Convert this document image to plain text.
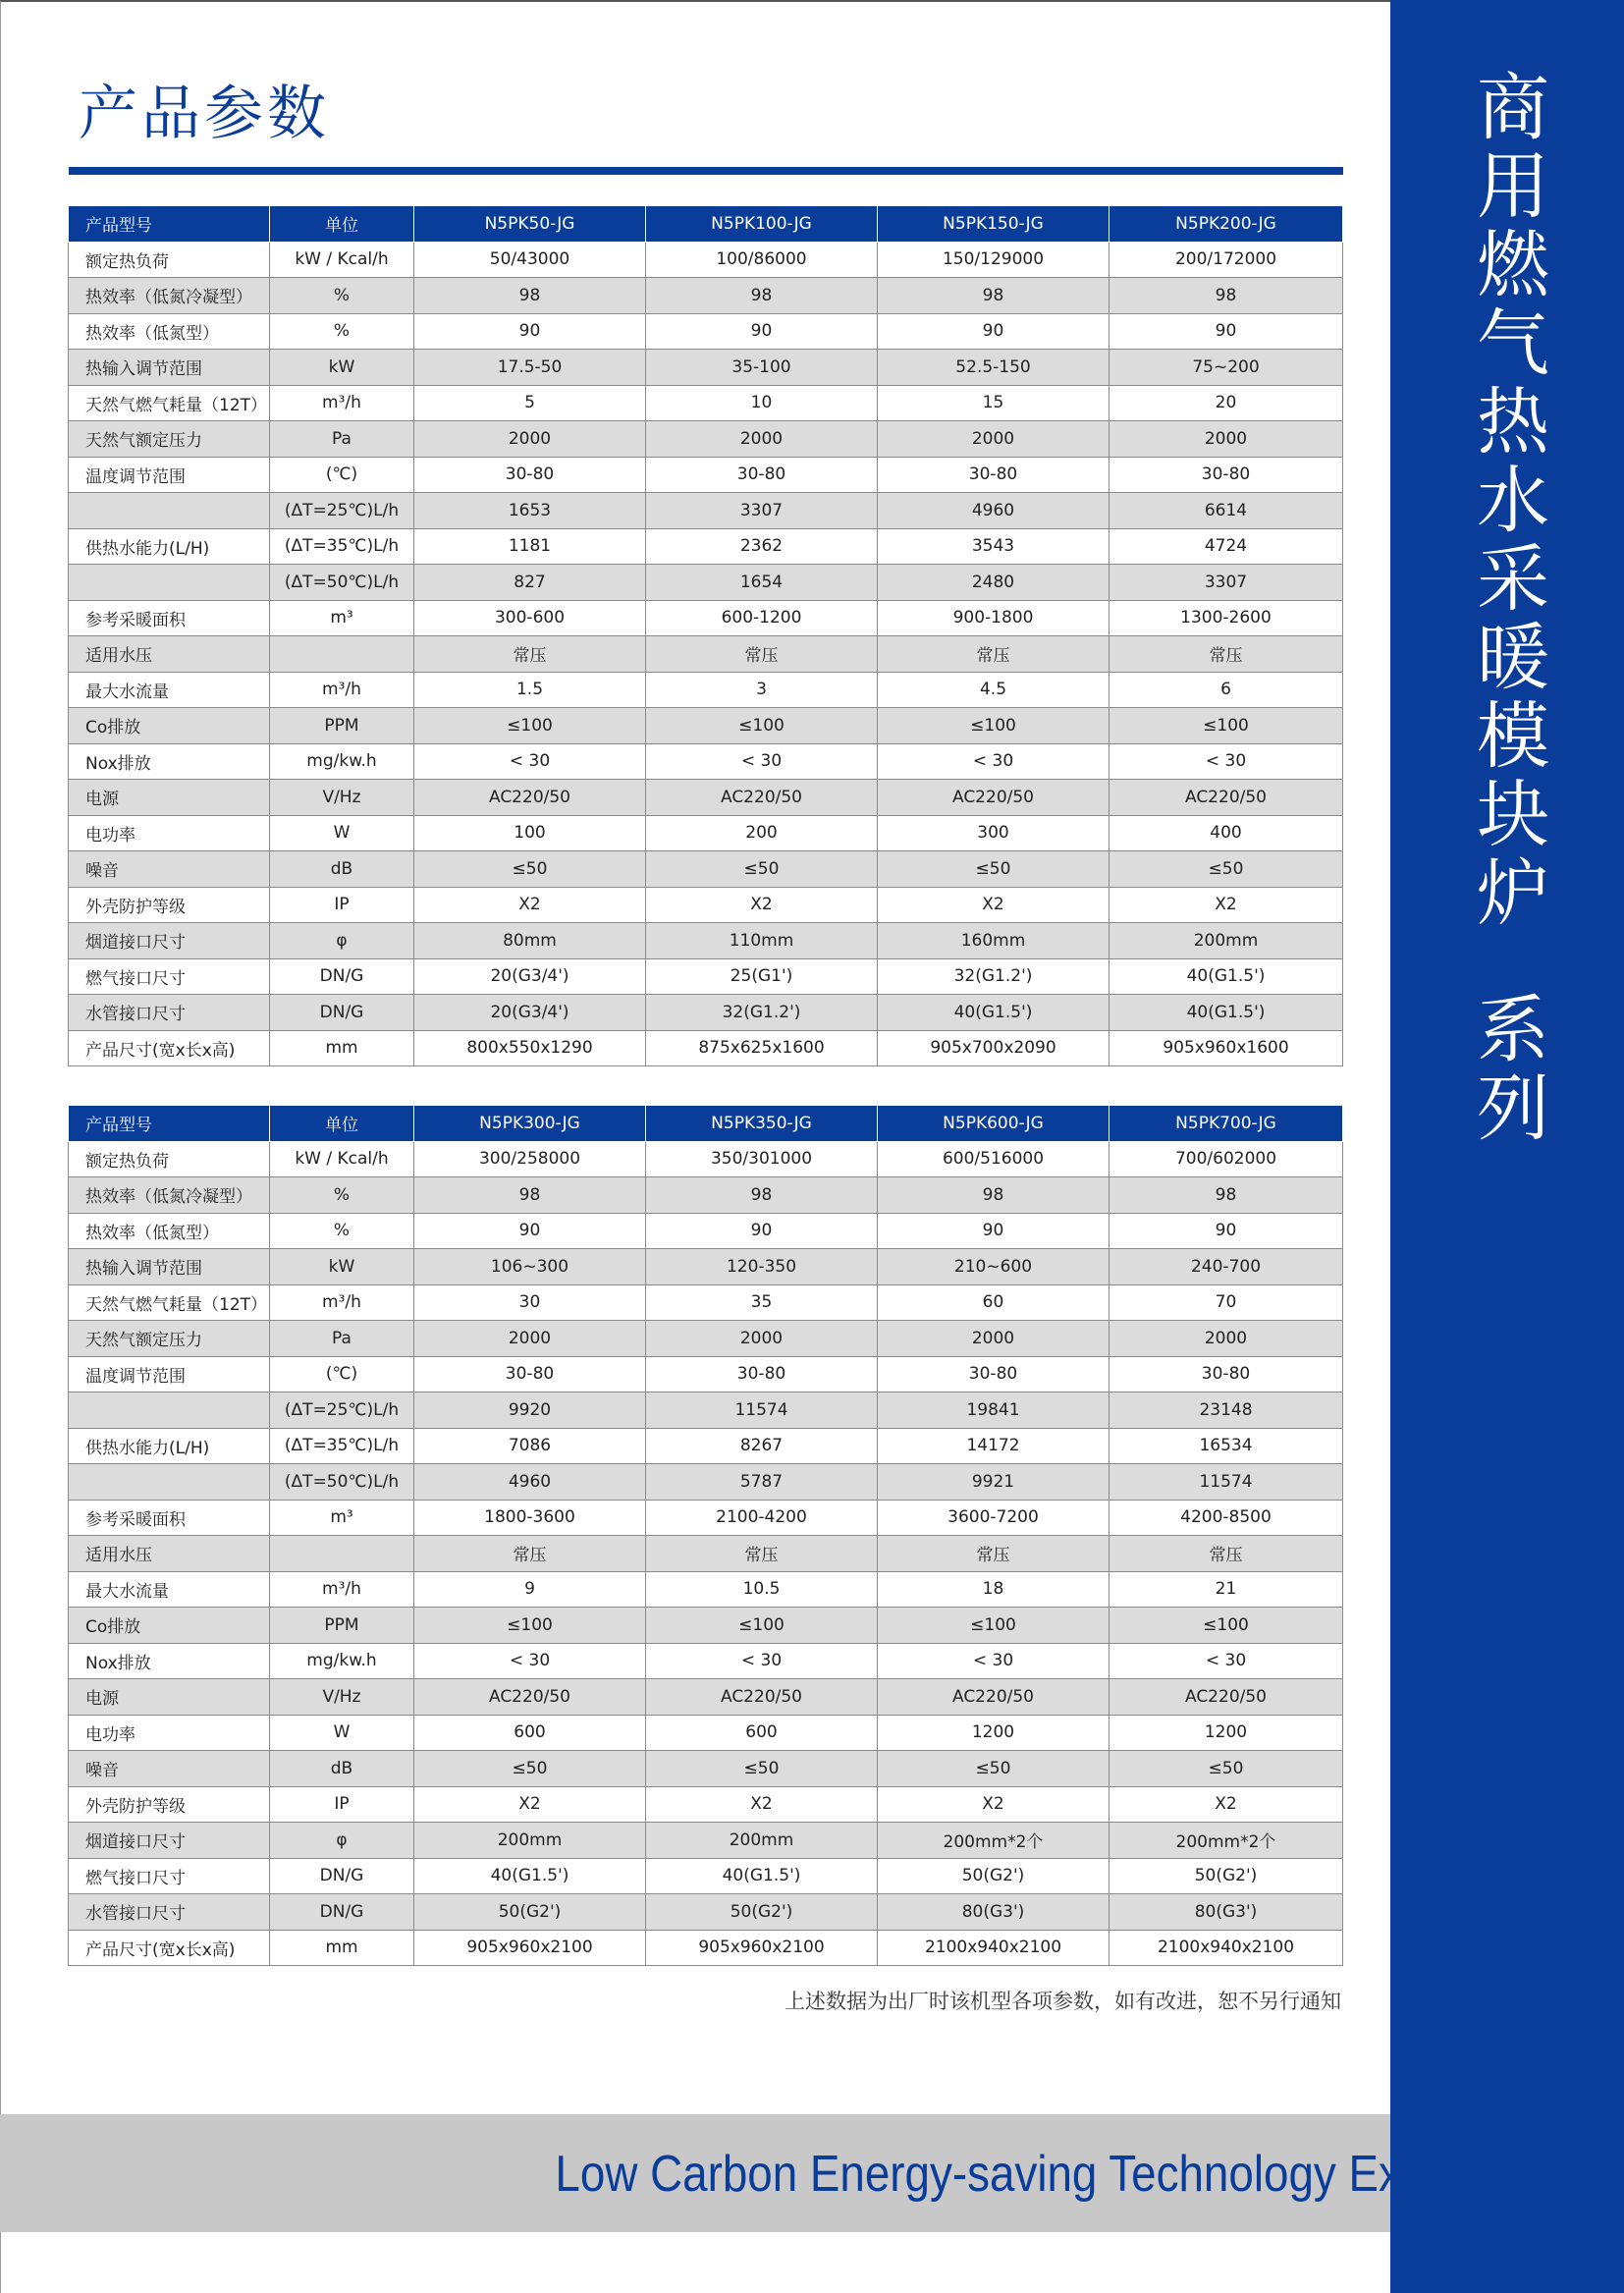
商用燃气热水采暖模块炉  系列
产品参数
产品型号	单位	N5PK50-JG	N5PK100-JG	N5PK150-JG	N5PK200-JG
额定热负荷	kW / Kcal/h	50/43000	100/86000	150/129000	200/172000
热效率（低氮冷凝型）	%	98	98	98	98
热效率（低氮型）	%	90	90	90	90
热输入调节范围	kW	17.5-50	35-100	52.5-150	75~200
天然气燃气耗量（12T）	m³/h	5	10	15	20
天然气额定压力	Pa	2000	2000	2000	2000
温度调节范围	(℃)	30-80	30-80	30-80	30-80
	(ΔT=25℃)L/h	1653	3307	4960	6614
供热水能力(L/H)	(ΔT=35℃)L/h	1181	2362	3543	4724
	(ΔT=50℃)L/h	827	1654	2480	3307
参考采暖面积	m³	300-600	600-1200	900-1800	1300-2600
适用水压		常压	常压	常压	常压
最大水流量	m³/h	1.5	3	4.5	6
Co排放	PPM	≤100	≤100	≤100	≤100
Nox排放	mg/kw.h	< 30	< 30	< 30	< 30
电源	V/Hz	AC220/50	AC220/50	AC220/50	AC220/50
电功率	W	100	200	300	400
噪音	dB	≤50	≤50	≤50	≤50
外壳防护等级	IP	X2	X2	X2	X2
烟道接口尺寸	φ	80mm	110mm	160mm	200mm
燃气接口尺寸	DN/G	20(G3/4')	25(G1')	32(G1.2')	40(G1.5')
水管接口尺寸	DN/G	20(G3/4')	32(G1.2')	40(G1.5')	40(G1.5')
产品尺寸(宽x长x高)	mm	800x550x1290	875x625x1600	905x700x2090	905x960x1600
产品型号	单位	N5PK300-JG	N5PK350-JG	N5PK600-JG	N5PK700-JG
额定热负荷	kW / Kcal/h	300/258000	350/301000	600/516000	700/602000
热效率（低氮冷凝型）	%	98	98	98	98
热效率（低氮型）	%	90	90	90	90
热输入调节范围	kW	106~300	120-350	210~600	240-700
天然气燃气耗量（12T）	m³/h	30	35	60	70
天然气额定压力	Pa	2000	2000	2000	2000
温度调节范围	(℃)	30-80	30-80	30-80	30-80
	(ΔT=25℃)L/h	9920	11574	19841	23148
供热水能力(L/H)	(ΔT=35℃)L/h	7086	8267	14172	16534
	(ΔT=50℃)L/h	4960	5787	9921	11574
参考采暖面积	m³	1800-3600	2100-4200	3600-7200	4200-8500
适用水压		常压	常压	常压	常压
最大水流量	m³/h	9	10.5	18	21
Co排放	PPM	≤100	≤100	≤100	≤100
Nox排放	mg/kw.h	< 30	< 30	< 30	< 30
电源	V/Hz	AC220/50	AC220/50	AC220/50	AC220/50
电功率	W	600	600	1200	1200
噪音	dB	≤50	≤50	≤50	≤50
外壳防护等级	IP	X2	X2	X2	X2
烟道接口尺寸	φ	200mm	200mm	200mm*2个	200mm*2个
燃气接口尺寸	DN/G	40(G1.5')	40(G1.5')	50(G2')	50(G2')
水管接口尺寸	DN/G	50(G2')	50(G2')	80(G3')	80(G3')
产品尺寸(宽x长x高)	mm	905x960x2100	905x960x2100	2100x940x2100	2100x940x2100
上述数据为出厂时该机型各项参数，如有改进，恕不另行通知
Low Carbon Energy-saving Technology Explorer
